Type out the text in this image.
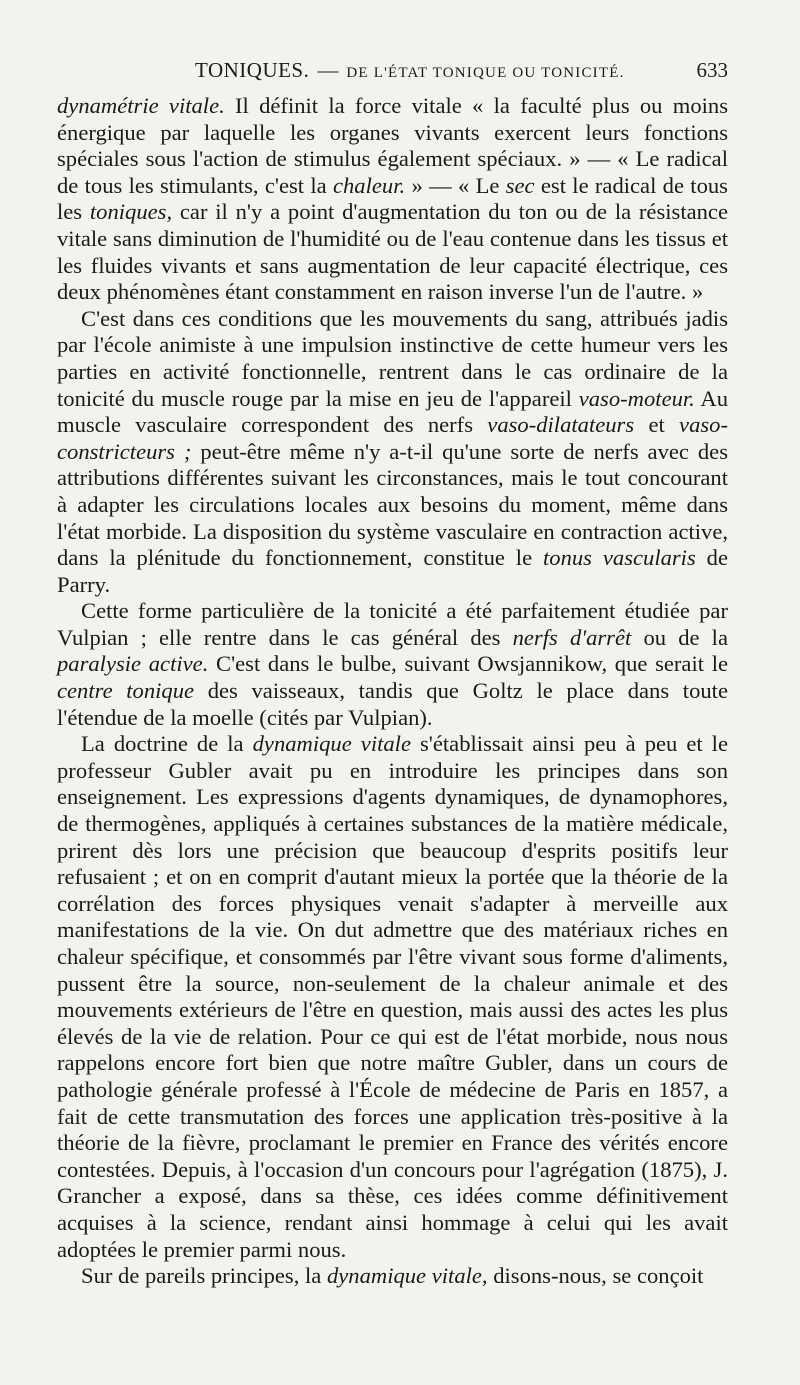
TONIQUES. — DE L'ÉTAT TONIQUE OU TONICITÉ.	633

dynamétrie vitale. Il définit la force vitale « la faculté plus ou moins énergique par laquelle les organes vivants exercent leurs fonctions spéciales sous l'action de stimulus également spéciaux. » — « Le radical de tous les stimulants, c'est la chaleur. » — « Le sec est le radical de tous les toniques, car il n'y a point d'augmentation du ton ou de la résistance vitale sans diminution de l'humidité ou de l'eau contenue dans les tissus et les fluides vivants et sans augmentation de leur capacité électrique, ces deux phénomènes étant constamment en raison inverse l'un de l'autre. »

C'est dans ces conditions que les mouvements du sang, attribués jadis par l'école animiste à une impulsion instinctive de cette humeur vers les parties en activité fonctionnelle, rentrent dans le cas ordinaire de la tonicité du muscle rouge par la mise en jeu de l'appareil vaso-moteur. Au muscle vasculaire correspondent des nerfs vaso-dilatateurs et vaso-constricteurs ; peut-être même n'y a-t-il qu'une sorte de nerfs avec des attributions différentes suivant les circonstances, mais le tout concourant à adapter les circulations locales aux besoins du moment, même dans l'état morbide. La disposition du système vasculaire en contraction active, dans la plénitude du fonctionnement, constitue le tonus vascularis de Parry.

Cette forme particulière de la tonicité a été parfaitement étudiée par Vulpian ; elle rentre dans le cas général des nerfs d'arrêt ou de la paralysie active. C'est dans le bulbe, suivant Owsjannikow, que serait le centre tonique des vaisseaux, tandis que Goltz le place dans toute l'étendue de la moelle (cités par Vulpian).

La doctrine de la dynamique vitale s'établissait ainsi peu à peu et le professeur Gubler avait pu en introduire les principes dans son enseignement. Les expressions d'agents dynamiques, de dynamophores, de thermogènes, appliqués à certaines substances de la matière médicale, prirent dès lors une précision que beaucoup d'esprits positifs leur refusaient ; et on en comprit d'autant mieux la portée que la théorie de la corrélation des forces physiques venait s'adapter à merveille aux manifestations de la vie. On dut admettre que des matériaux riches en chaleur spécifique, et consommés par l'être vivant sous forme d'aliments, pussent être la source, non-seulement de la chaleur animale et des mouvements extérieurs de l'être en question, mais aussi des actes les plus élevés de la vie de relation. Pour ce qui est de l'état morbide, nous nous rappelons encore fort bien que notre maître Gubler, dans un cours de pathologie générale professé à l'École de médecine de Paris en 1857, a fait de cette transmutation des forces une application très-positive à la théorie de la fièvre, proclamant le premier en France des vérités encore contestées. Depuis, à l'occasion d'un concours pour l'agrégation (1875), J. Grancher a exposé, dans sa thèse, ces idées comme définitivement acquises à la science, rendant ainsi hommage à celui qui les avait adoptées le premier parmi nous.

Sur de pareils principes, la dynamique vitale, disons-nous, se conçoit
